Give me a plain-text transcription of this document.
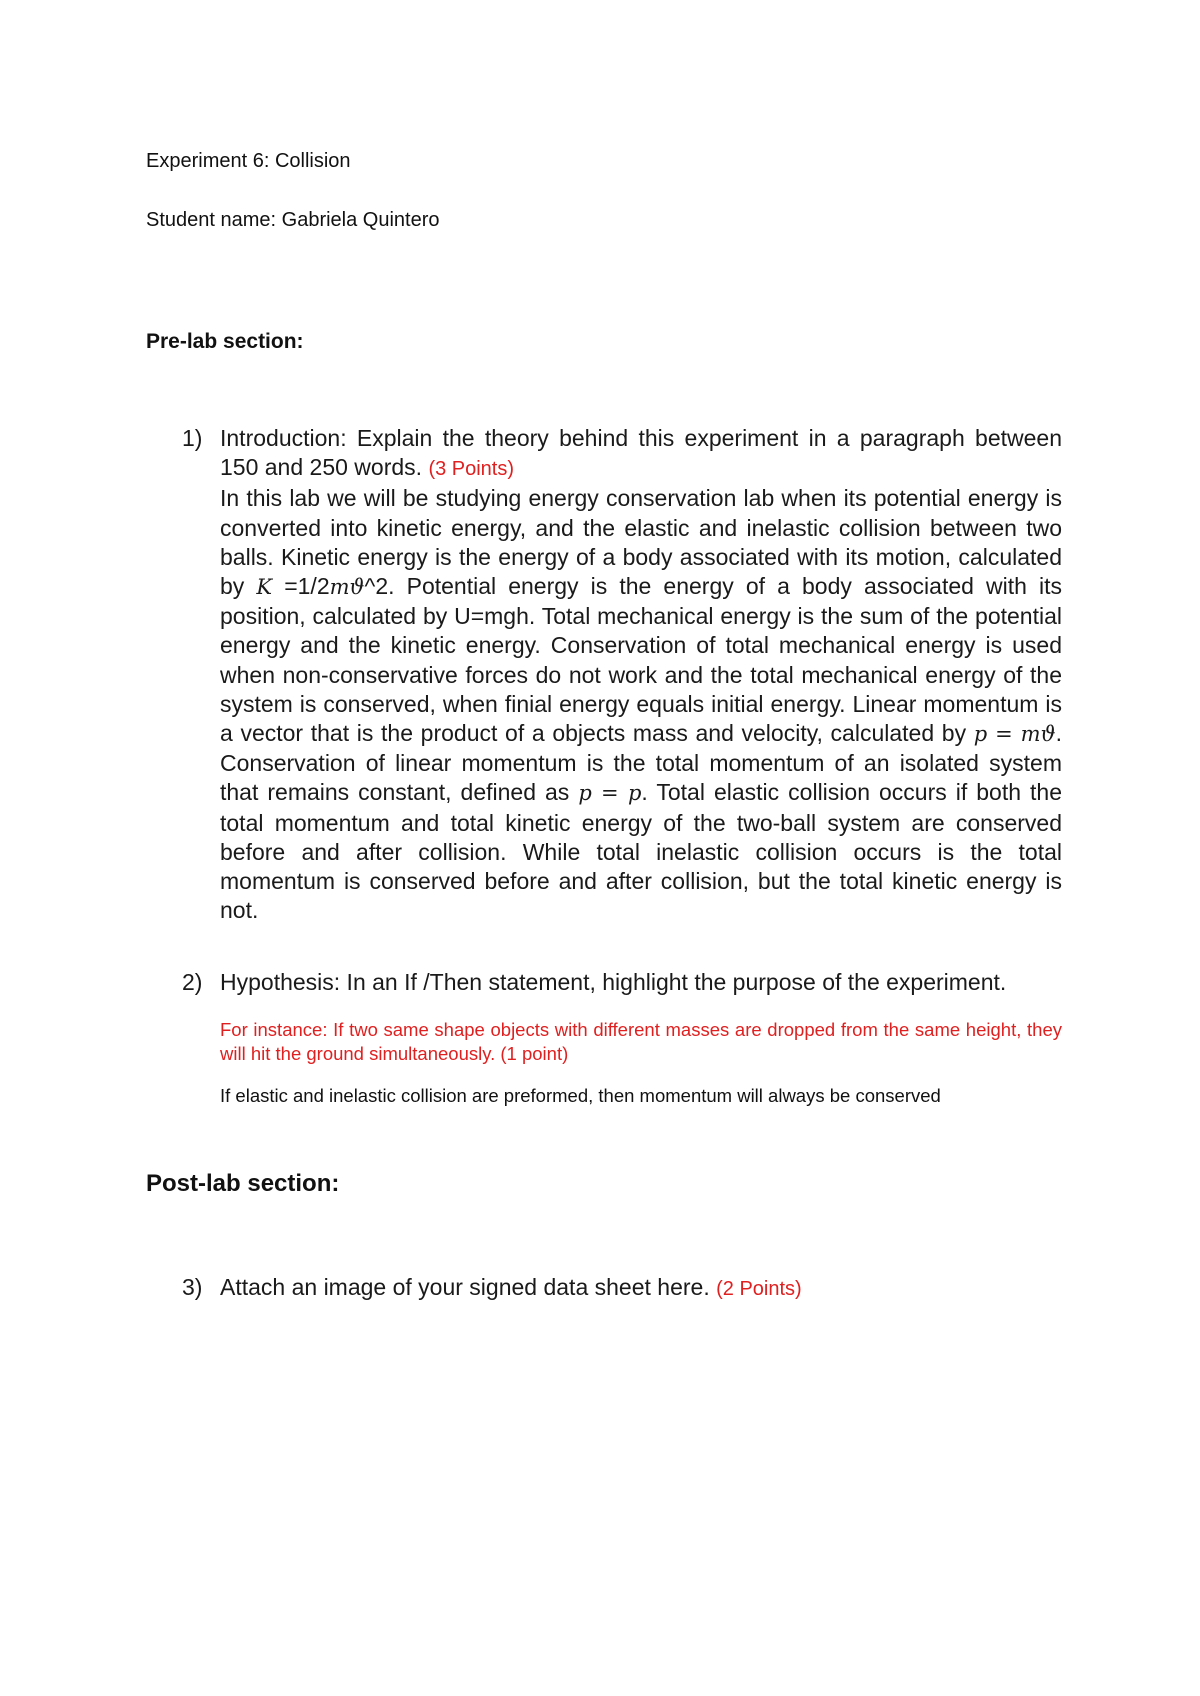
Experiment 6: Collision
Student name: Gabriela Quintero
Pre-lab section:
1) Introduction: Explain the theory behind this experiment in a paragraph between 150 and 250 words. (3 Points)
In this lab we will be studying energy conservation lab when its potential energy is converted into kinetic energy, and the elastic and inelastic collision between two balls. Kinetic energy is the energy of a body associated with its motion, calculated by K =1/2mϑ^2. Potential energy is the energy of a body associated with its position, calculated by U=mgh. Total mechanical energy is the sum of the potential energy and the kinetic energy. Conservation of total mechanical energy is used when non-conservative forces do not work and the total mechanical energy of the system is conserved, when finial energy equals initial energy. Linear momentum is a vector that is the product of a objects mass and velocity, calculated by p = mϑ. Conservation of linear momentum is the total momentum of an isolated system that remains constant, defined as p = p. Total elastic collision occurs if both the total momentum and total kinetic energy of the two-ball system are conserved before and after collision. While total inelastic collision occurs is the total momentum is conserved before and after collision, but the total kinetic energy is not.
2) Hypothesis: In an If /Then statement, highlight the purpose of the experiment.
For instance: If two same shape objects with different masses are dropped from the same height, they will hit the ground simultaneously. (1 point)
If elastic and inelastic collision are preformed, then momentum will always be conserved
Post-lab section:
3) Attach an image of your signed data sheet here. (2 Points)
